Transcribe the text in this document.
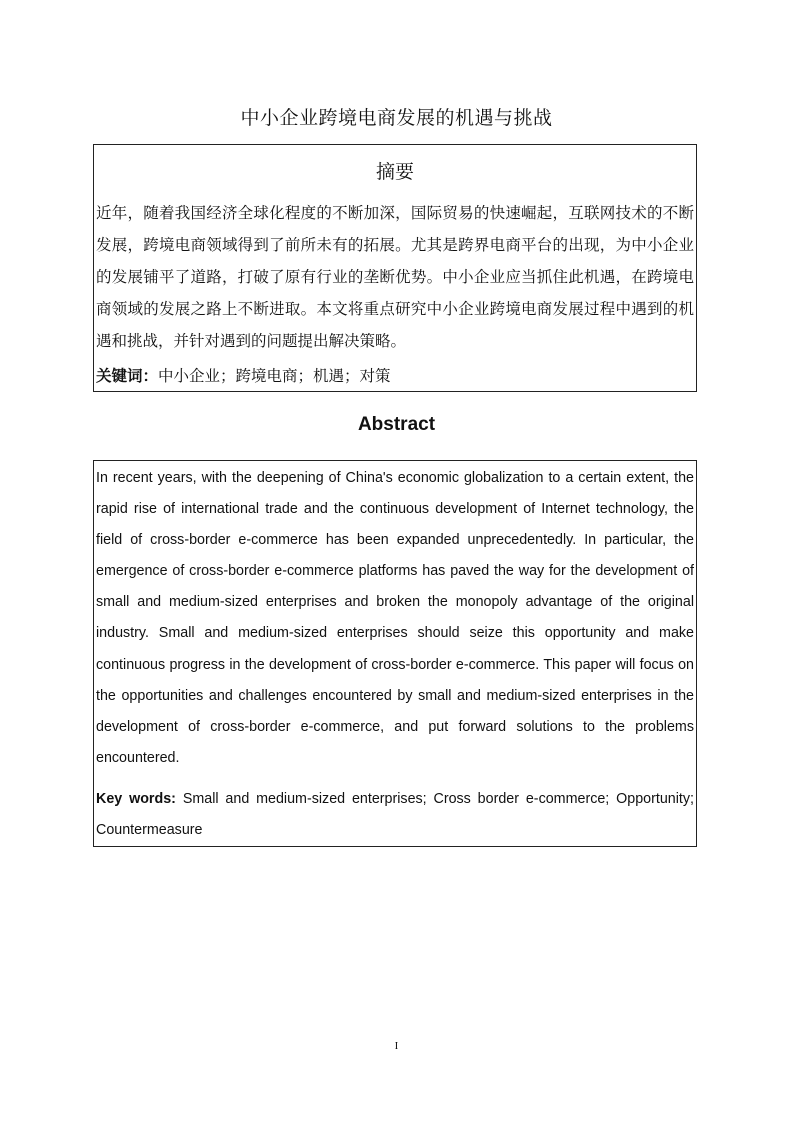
中小企业跨境电商发展的机遇与挑战
摘要
近年，随着我国经济全球化程度的不断加深，国际贸易的快速崛起，互联网技术的不断发展，跨境电商领域得到了前所未有的拓展。尤其是跨界电商平台的出现，为中小企业的发展铺平了道路，打破了原有行业的垄断优势。中小企业应当抓住此机遇，在跨境电商领域的发展之路上不断进取。本文将重点研究中小企业跨境电商发展过程中遇到的机遇和挑战，并针对遇到的问题提出解决策略。
关键词：中小企业；跨境电商；机遇；对策
Abstract
In recent years, with the deepening of China's economic globalization to a certain extent, the rapid rise of international trade and the continuous development of Internet technology, the field of cross-border e-commerce has been expanded unprecedentedly. In particular, the emergence of cross-border e-commerce platforms has paved the way for the development of small and medium-sized enterprises and broken the monopoly advantage of the original industry. Small and medium-sized enterprises should seize this opportunity and make continuous progress in the development of cross-border e-commerce. This paper will focus on the opportunities and challenges encountered by small and medium-sized enterprises in the development of cross-border e-commerce, and put forward solutions to the problems encountered.
Key words: Small and medium-sized enterprises; Cross border e-commerce; Opportunity; Countermeasure
I
